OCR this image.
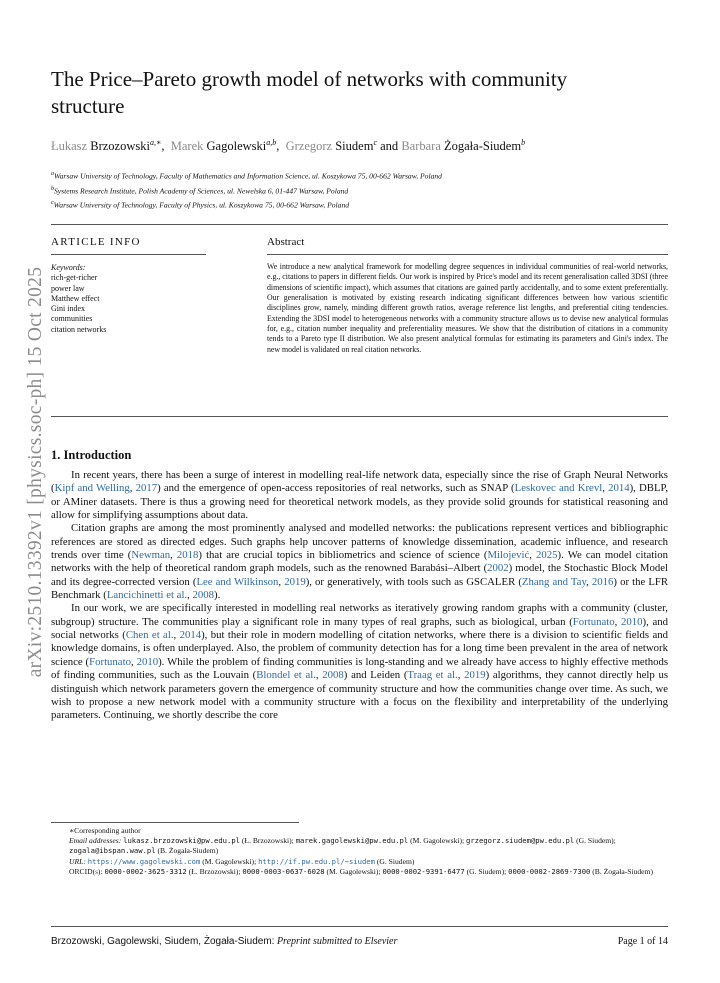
arXiv:2510.13392v1 [physics.soc-ph] 15 Oct 2025
The Price–Pareto growth model of networks with community structure
Łukasz Brzozowski$^{a,∗}$,  Marek Gagolewski$^{a,b}$,  Grzegorz Siudem$^c$ and Barbara Żogała-Siudem$^b$
$^a$Warsaw University of Technology, Faculty of Mathematics and Information Science, ul. Koszykowa 75, 00-662 Warsaw, Poland
$^b$Systems Research Institute, Polish Academy of Sciences, ul. Newelska 6, 01-447 Warsaw, Poland
$^c$Warsaw University of Technology, Faculty of Physics, ul. Koszykowa 75, 00-662 Warsaw, Poland
ARTICLE INFO
Keywords:
rich-get-richer
power law
Matthew effect
Gini index
communities
citation networks
Abstract
We introduce a new analytical framework for modelling degree sequences in individual communities of real-world networks, e.g., citations to papers in different fields. Our work is inspired by Price's model and its recent generalisation called 3DSI (three dimensions of scientific impact), which assumes that citations are gained partly accidentally, and to some extent preferentially. Our generalisation is motivated by existing research indicating significant differences between how various scientific disciplines grow, namely, minding different growth ratios, average reference list lengths, and preferential citing tendencies. Extending the 3DSI model to heterogeneous networks with a community structure allows us to devise new analytical formulas for, e.g., citation number inequality and preferentiality measures. We show that the distribution of citations in a community tends to a Pareto type II distribution. We also present analytical formulas for estimating its parameters and Gini's index. The new model is validated on real citation networks.
1. Introduction

In recent years, there has been a surge of interest in modelling real-life network data, especially since the rise of Graph Neural Networks (Kipf and Welling, 2017) and the emergence of open-access repositories of real networks, such as SNAP (Leskovec and Krevl, 2014), DBLP, or AMiner datasets. There is thus a growing need for theoretical network models, as they provide solid grounds for statistical reasoning and allow for simplifying assumptions about data.

Citation graphs are among the most prominently analysed and modelled networks: the publications represent vertices and bibliographic references are stored as directed edges. Such graphs help uncover patterns of knowledge dissemination, academic influence, and research trends over time (Newman, 2018) that are crucial topics in bibliometrics and science of science (Milojević, 2025). We can model citation networks with the help of theoretical random graph models, such as the renowned Barabási–Albert (2002) model, the Stochastic Block Model and its degree-corrected version (Lee and Wilkinson, 2019), or generatively, with tools such as GSCALER (Zhang and Tay, 2016) or the LFR Benchmark (Lancichinetti et al., 2008).

In our work, we are specifically interested in modelling real networks as iteratively growing random graphs with a community (cluster, subgroup) structure. The communities play a significant role in many types of real graphs, such as biological, urban (Fortunato, 2010), and social networks (Chen et al., 2014), but their role in modern modelling of citation networks, where there is a division to scientific fields and knowledge domains, is often underplayed. Also, the problem of community detection has for a long time been prevalent in the area of network science (Fortunato, 2010). While the problem of finding communities is long-standing and we already have access to highly effective methods of finding communities, such as the Louvain (Blondel et al., 2008) and Leiden (Traag et al., 2019) algorithms, they cannot directly help us distinguish which network parameters govern the emergence of community structure and how the communities change over time. As such, we wish to propose a new network model with a community structure with a focus on the flexibility and interpretability of the underlying parameters. Continuing, we shortly describe the core

∗Corresponding author
Email addresses: lukasz.brzozowski@pw.edu.pl (Ł. Brzozowski); marek.gagolewski@pw.edu.pl (M. Gagolewski); grzegorz.siudem@pw.edu.pl (G. Siudem); zogala@ibspan.waw.pl (B. Żogała-Siudem)
URL: https://www.gagolewski.com (M. Gagolewski); http://if.pw.edu.pl/~siudem (G. Siudem)
ORCID(s): 0000-0002-3625-3312 (Ł. Brzozowski); 0000-0003-0637-6028 (M. Gagolewski); 0000-0002-9391-6477 (G. Siudem); 0000-0002-2869-7300 (B. Żogała-Siudem)
Brzozowski, Gagolewski, Siudem, Żogała-Siudem: Preprint submitted to Elsevier	Page 1 of 14
